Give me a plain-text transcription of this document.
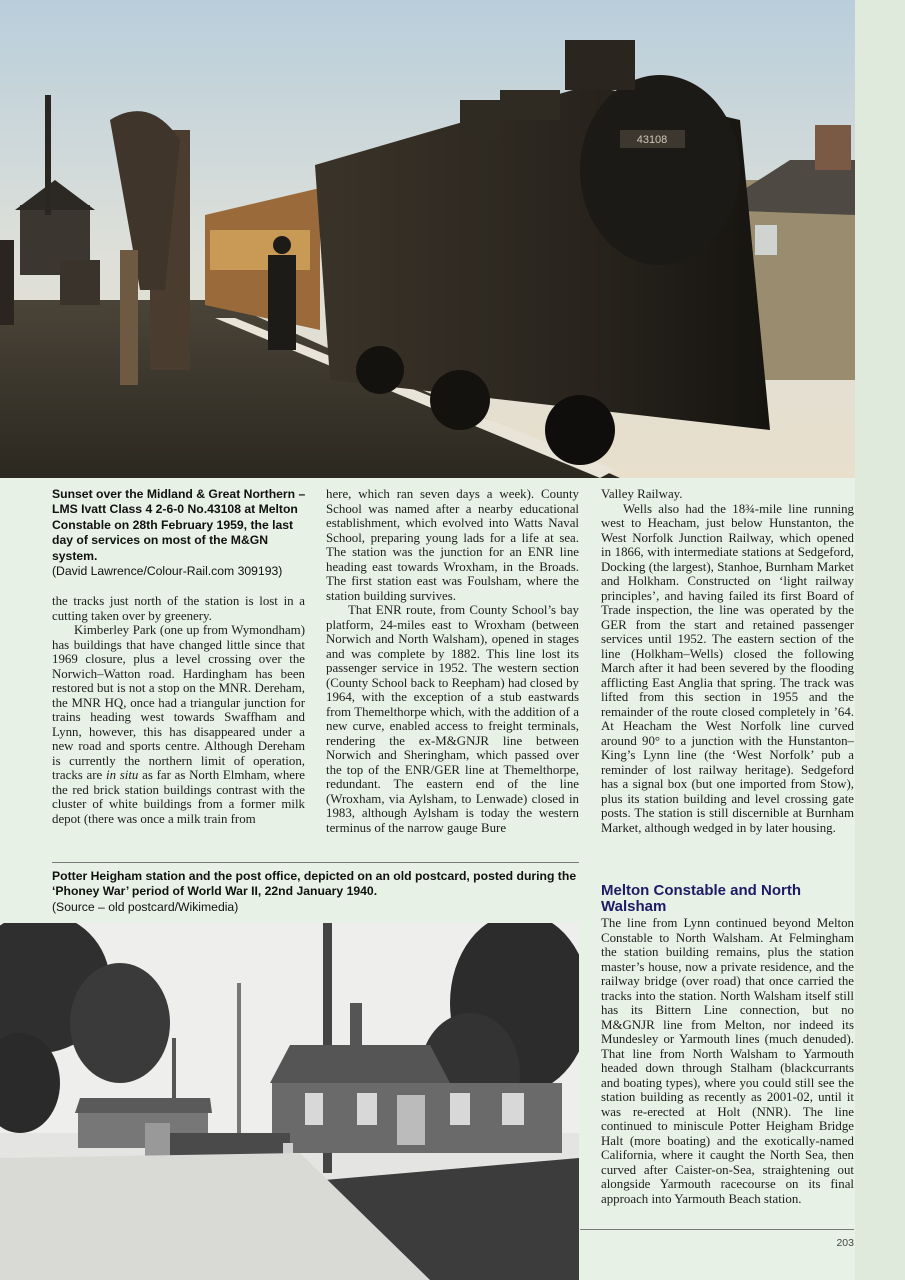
43108
Sunset over the Midland & Great Northern – LMS Ivatt Class 4 2-6-0 No.43108 at Melton Constable on 28th February 1959, the last day of services on most of the M&GN system.
(David Lawrence/Colour-Rail.com 309193)

the tracks just north of the station is lost in a cutting taken over by greenery.

Kimberley Park (one up from Wymondham) has buildings that have changed little since that 1969 closure, plus a level crossing over the Norwich–Watton road. Hardingham has been restored but is not a stop on the MNR. Dereham, the MNR HQ, once had a triangular junction for trains heading west towards Swaffham and Lynn, however, this has disappeared under a new road and sports centre. Although Dereham is currently the northern limit of operation, tracks are in situ as far as North Elmham, where the red brick station buildings contrast with the cluster of white buildings from a former milk depot (there was once a milk train from

here, which ran seven days a week). County School was named after a nearby educational establishment, which evolved into Watts Naval School, preparing young lads for a life at sea. The station was the junction for an ENR line heading east towards Wroxham, in the Broads. The first station east was Foulsham, where the station building survives.

That ENR route, from County School’s bay platform, 24-miles east to Wroxham (between Norwich and North Walsham), opened in stages and was complete by 1882. This line lost its passenger service in 1952. The western section (County School back to Reepham) had closed by 1964, with the exception of a stub eastwards from Themelthorpe which, with the addition of a new curve, enabled access to freight terminals, rendering the ex-M&GNJR line between Norwich and Sheringham, which passed over the top of the ENR/GER line at Themelthorpe, redundant. The eastern end of the line (Wroxham, via Aylsham, to Lenwade) closed in 1983, although Aylsham is today the western terminus of the narrow gauge Bure

Valley Railway.

Wells also had the 18¾-mile line running west to Heacham, just below Hunstanton, the West Norfolk Junction Railway, which opened in 1866, with intermediate stations at Sedgeford, Docking (the largest), Stanhoe, Burnham Market and Holkham. Constructed on ‘light railway principles’, and having failed its first Board of Trade inspection, the line was operated by the GER from the start and retained passenger services until 1952. The eastern section of the line (Holkham–Wells) closed the following March after it had been severed by the flooding afflicting East Anglia that spring. The track was lifted from this section in 1955 and the remainder of the route closed completely in ’64. At Heacham the West Norfolk line curved around 90° to a junction with the Hunstanton–King’s Lynn line (the ‘West Norfolk’ pub a reminder of lost railway heritage). Sedgeford has a signal box (but one imported from Stow), plus its station building and level crossing gate posts. The station is still discernible at Burnham Market, although wedged in by later housing.

Potter Heigham station and the post office, depicted on an old postcard, posted during the ‘Phoney War’ period of World War II, 22nd January 1940.
(Source – old postcard/Wikimedia)
Melton Constable and North Walsham

The line from Lynn continued beyond Melton Constable to North Walsham. At Felmingham the station building remains, plus the station master’s house, now a private residence, and the railway bridge (over road) that once carried the tracks into the station. North Walsham itself still has its Bittern Line connection, but no M&GNJR line from Melton, nor indeed its Mundesley or Yarmouth lines (much denuded). That line from North Walsham to Yarmouth headed down through Stalham (blackcurrants and boating types), where you could still see the station building as recently as 2001-02, until it was re-erected at Holt (NNR). The line continued to miniscule Potter Heigham Bridge Halt (more boating) and the exotically-named California, where it caught the North Sea, then curved after Caister-on-Sea, straightening out alongside Yarmouth racecourse on its final approach into Yarmouth Beach station.

203
